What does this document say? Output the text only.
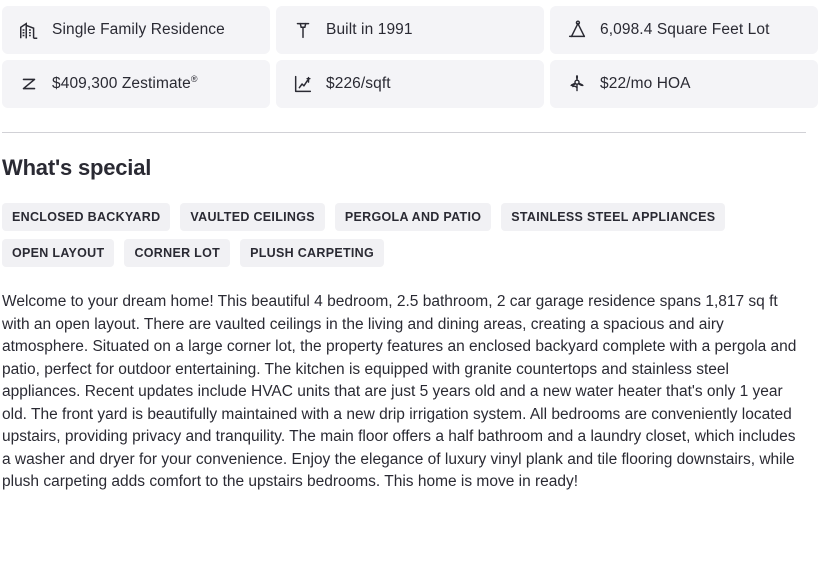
Single Family Residence	Built in 1991	6,098.4 Square Feet Lot
$409,300 Zestimate®	$226/sqft	$22/mo HOA
What's special
ENCLOSED BACKYARD	VAULTED CEILINGS	PERGOLA AND PATIO	STAINLESS STEEL APPLIANCES
OPEN LAYOUT	CORNER LOT	PLUSH CARPETING

Welcome to your dream home! This beautiful 4 bedroom, 2.5 bathroom, 2 car garage residence spans 1,817 sq ft with an open layout. There are vaulted ceilings in the living and dining areas, creating a spacious and airy atmosphere. Situated on a large corner lot, the property features an enclosed backyard complete with a pergola and patio, perfect for outdoor entertaining. The kitchen is equipped with granite countertops and stainless steel appliances. Recent updates include HVAC units that are just 5 years old and a new water heater that's only 1 year old. The front yard is beautifully maintained with a new drip irrigation system. All bedrooms are conveniently located upstairs, providing privacy and tranquility. The main floor offers a half bathroom and a laundry closet, which includes a washer and dryer for your convenience. Enjoy the elegance of luxury vinyl plank and tile flooring downstairs, while plush carpeting adds comfort to the upstairs bedrooms. This home is move in ready!
